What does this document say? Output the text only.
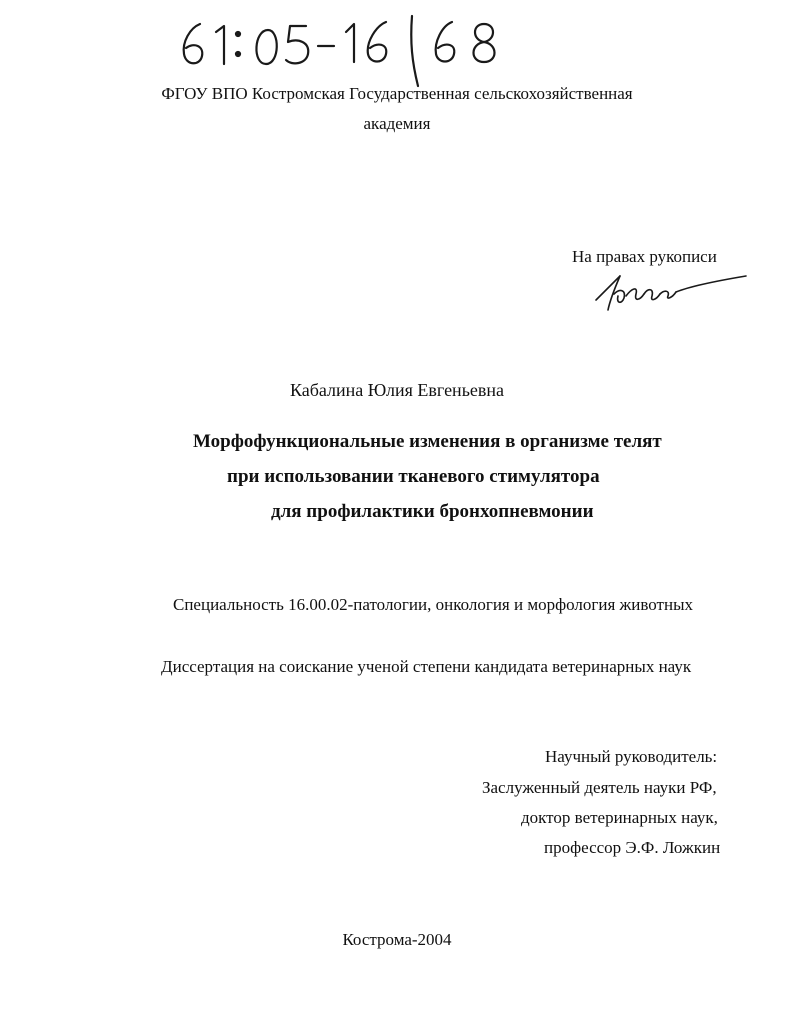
ФГОУ ВПО Костромская Государственная сельскохозяйственная
академия
На правах рукописи
Кабалина Юлия Евгеньевна
Морфофункциональные изменения в организме телят
при использовании тканевого стимулятора
для профилактики бронхопневмонии
Специальность 16.00.02-патологии, онкология и морфология животных
Диссертация на соискание ученой степени кандидата ветеринарных наук
Научный руководитель:
Заслуженный деятель науки РФ,
доктор ветеринарных наук,
профессор Э.Ф. Ложкин
Кострома-2004
